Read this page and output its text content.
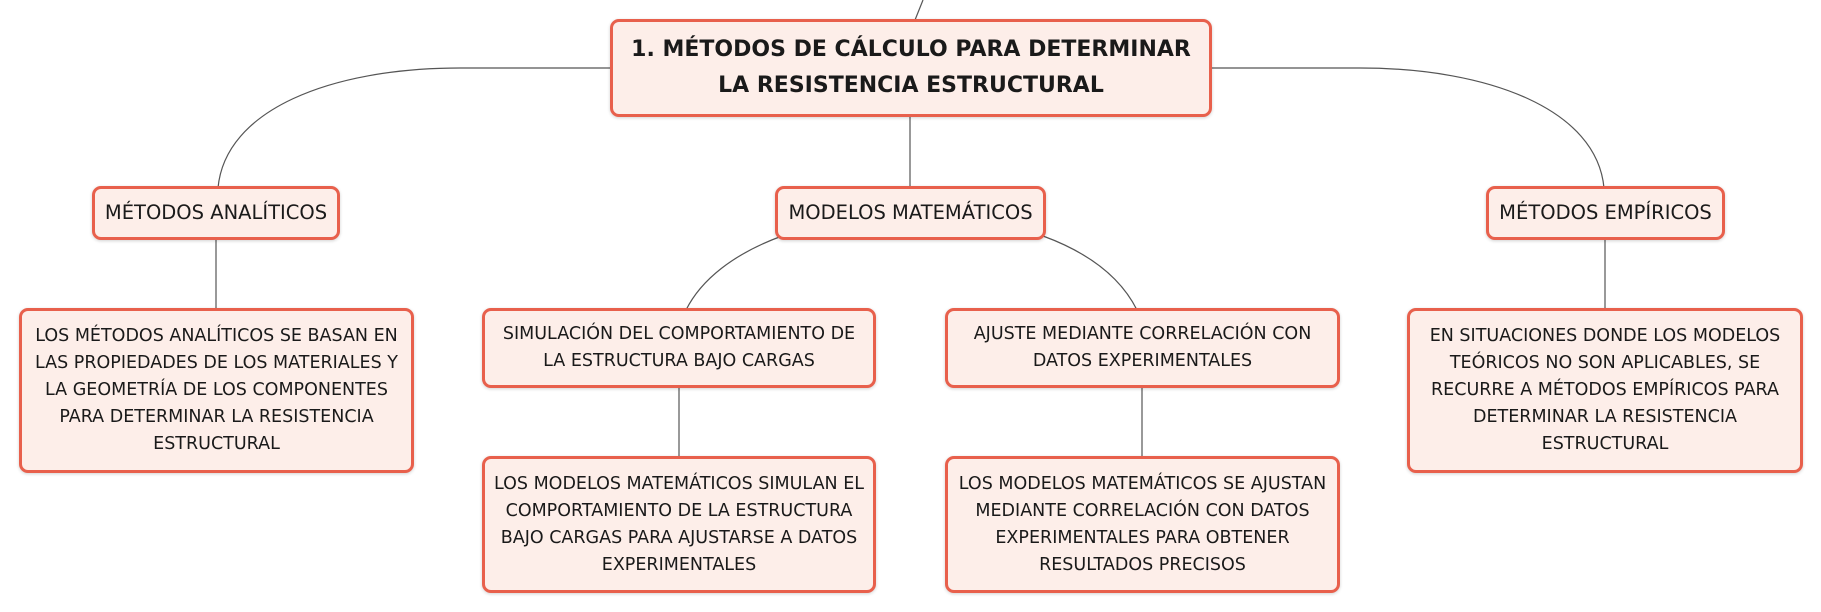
1. MÉTODOS DE CÁLCULO PARA DETERMINAR LA RESISTENCIA ESTRUCTURAL
MÉTODOS ANALÍTICOS	MODELOS MATEMÁTICOS	MÉTODOS EMPÍRICOS
LOS MÉTODOS ANALÍTICOS SE BASAN EN LAS PROPIEDADES DE LOS MATERIALES Y LA GEOMETRÍA DE LOS COMPONENTES PARA DETERMINAR LA RESISTENCIA ESTRUCTURAL
SIMULACIÓN DEL COMPORTAMIENTO DE LA ESTRUCTURA BAJO CARGAS
AJUSTE MEDIANTE CORRELACIÓN CON DATOS EXPERIMENTALES
EN SITUACIONES DONDE LOS MODELOS TEÓRICOS NO SON APLICABLES, SE RECURRE A MÉTODOS EMPÍRICOS PARA DETERMINAR LA RESISTENCIA ESTRUCTURAL
LOS MODELOS MATEMÁTICOS SIMULAN EL COMPORTAMIENTO DE LA ESTRUCTURA BAJO CARGAS PARA AJUSTARSE A DATOS EXPERIMENTALES
LOS MODELOS MATEMÁTICOS SE AJUSTAN MEDIANTE CORRELACIÓN CON DATOS EXPERIMENTALES PARA OBTENER RESULTADOS PRECISOS
